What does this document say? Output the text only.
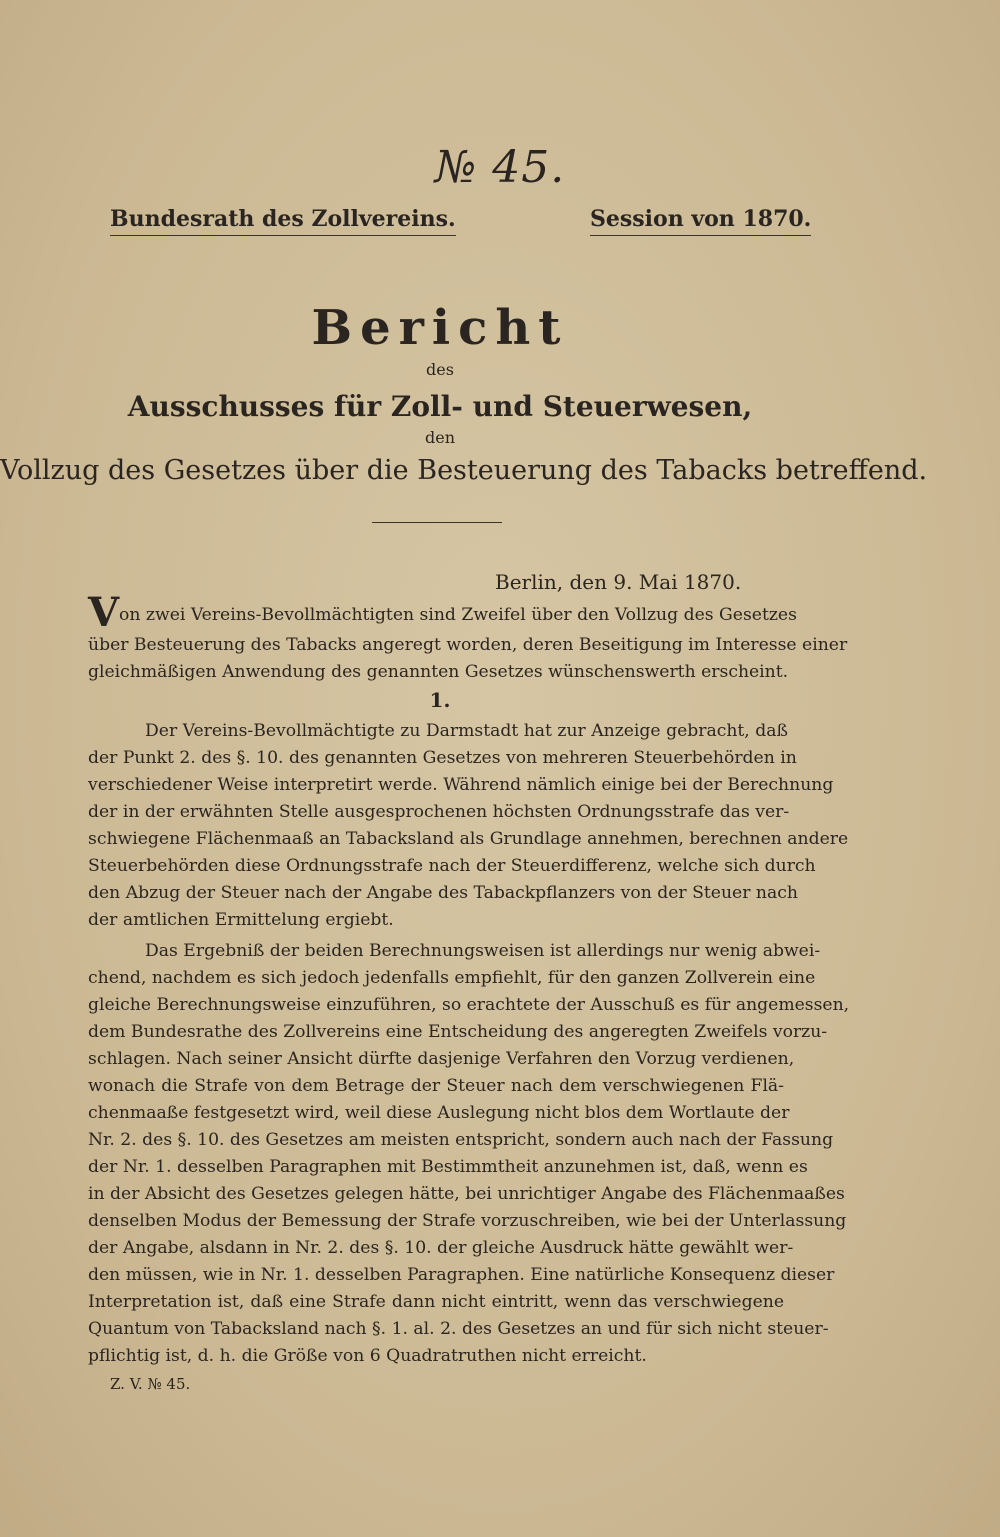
№ 45.
Bundesrath des Zollvereins.	Session von 1870.
Bericht
des
Ausschusses für Zoll- und Steuerwesen,
den
Vollzug des Gesetzes über die Besteuerung des Tabacks betreffend.
Berlin, den 9. Mai 1870.
Von zwei Vereins-Bevollmächtigten sind Zweifel über den Vollzug des Gesetzes
über Besteuerung des Tabacks angeregt worden, deren Beseitigung im Interesse einer
gleichmäßigen Anwendung des genannten Gesetzes wünschenswerth erscheint.
1.
Der Vereins-Bevollmächtigte zu Darmstadt hat zur Anzeige gebracht, daß
der Punkt 2. des §. 10. des genannten Gesetzes von mehreren Steuerbehörden in
verschiedener Weise interpretirt werde. Während nämlich einige bei der Berechnung
der in der erwähnten Stelle ausgesprochenen höchsten Ordnungsstrafe das ver-
schwiegene Flächenmaaß an Tabacksland als Grundlage annehmen, berechnen andere
Steuerbehörden diese Ordnungsstrafe nach der Steuerdifferenz, welche sich durch
den Abzug der Steuer nach der Angabe des Tabackpflanzers von der Steuer nach
der amtlichen Ermittelung ergiebt.
Das Ergebniß der beiden Berechnungsweisen ist allerdings nur wenig abwei-
chend, nachdem es sich jedoch jedenfalls empfiehlt, für den ganzen Zollverein eine
gleiche Berechnungsweise einzuführen, so erachtete der Ausschuß es für angemessen,
dem Bundesrathe des Zollvereins eine Entscheidung des angeregten Zweifels vorzu-
schlagen. Nach seiner Ansicht dürfte dasjenige Verfahren den Vorzug verdienen,
wonach die Strafe von dem Betrage der Steuer nach dem verschwiegenen Flä-
chenmaaße festgesetzt wird, weil diese Auslegung nicht blos dem Wortlaute der
Nr. 2. des §. 10. des Gesetzes am meisten entspricht, sondern auch nach der Fassung
der Nr. 1. desselben Paragraphen mit Bestimmtheit anzunehmen ist, daß, wenn es
in der Absicht des Gesetzes gelegen hätte, bei unrichtiger Angabe des Flächenmaaßes
denselben Modus der Bemessung der Strafe vorzuschreiben, wie bei der Unterlassung
der Angabe, alsdann in Nr. 2. des §. 10. der gleiche Ausdruck hätte gewählt wer-
den müssen, wie in Nr. 1. desselben Paragraphen. Eine natürliche Konsequenz dieser
Interpretation ist, daß eine Strafe dann nicht eintritt, wenn das verschwiegene
Quantum von Tabacksland nach §. 1. al. 2. des Gesetzes an und für sich nicht steuer-
pflichtig ist, d. h. die Größe von 6 Quadratruthen nicht erreicht.
Z. V. № 45.
